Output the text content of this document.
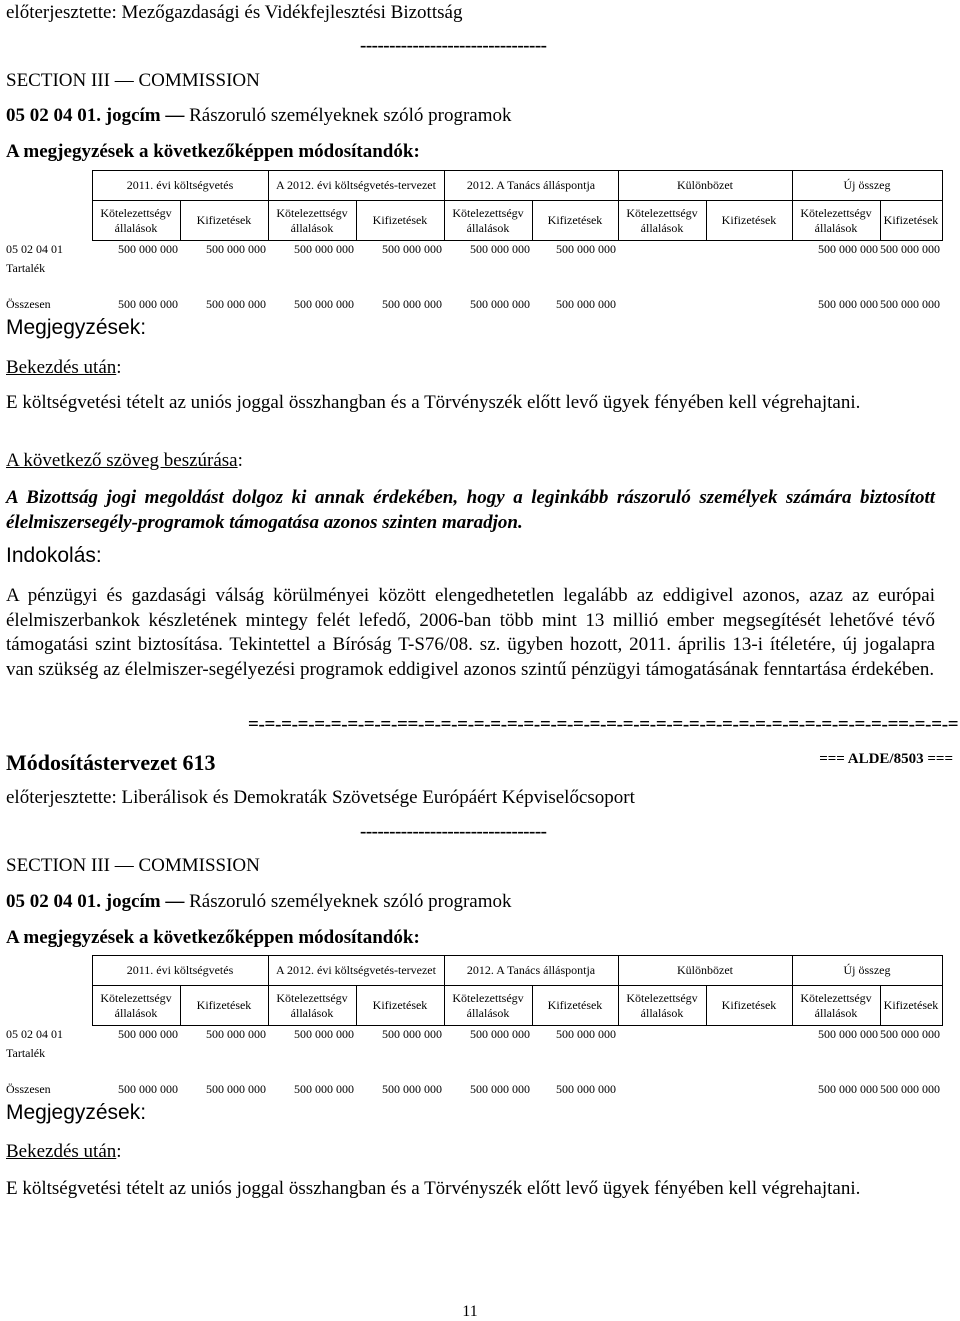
előterjesztette: Mezőgazdasági és Vidékfejlesztési Bizottság
--------------------------------
SECTION III — COMMISSION
05 02 04 01. jogcím — Rászoruló személyeknek szóló programok
A megjegyzések a következőképpen módosítandók:
	2011. évi költségvetés		A 2012. évi költségvetés-tervezet		2012. A Tanács álláspontja		Különbözet		Új összeg	
	Kötelezettségv állalások	Kifizetések	Kötelezettségv állalások	Kifizetések	Kötelezettségv állalások	Kifizetések	Kötelezettségv állalások	Kifizetések	Kötelezettségv állalások	Kifizetések
05 02 04 01	500 000 000	500 000 000	500 000 000	500 000 000	500 000 000	500 000 000			500 000 000	500 000 000
Tartalék										

Összesen	500 000 000	500 000 000	500 000 000	500 000 000	500 000 000	500 000 000			500 000 000	500 000 000
Megjegyzések:
Bekezdés után:
E költségvetési tételt az uniós joggal összhangban és a Törvényszék előtt levő ügyek fényében kell végrehajtani.
A következő szöveg beszúrása:
A Bizottság jogi megoldást dolgoz ki annak érdekében, hogy a leginkább rászoruló személyek számára biztosított élelmiszersegély-programok támogatása azonos szinten maradjon.
Indokolás:
A pénzügyi és gazdasági válság körülményei között elengedhetetlen legalább az eddigivel azonos, azaz az európai élelmiszerbankok készletének mintegy felét lefedő, 2006-ban több mint 13 millió ember megsegítését lehetővé tévő támogatási szint biztosítása. Tekintettel a Bíróság T-S76/08. sz. ügyben hozott, 2011. április 13-i ítéletére, új jogalapra van szükség az élelmiszer-segélyezési programok eddigivel azonos szintű pénzügyi támogatásának fenntartása érdekében.
=-=-=-=-=-=-=-=-=-==-=-=-=-=-=-=-=-=-=-=-=-=-=-=-=-=-=-=-=-=-=-=-=-=-=-=-=-=-==-=-=-=
Módosítástervezet 613	=== ALDE/8503 ===
előterjesztette: Liberálisok és Demokraták Szövetsége Európáért Képviselőcsoport
--------------------------------
SECTION III — COMMISSION
05 02 04 01. jogcím — Rászoruló személyeknek szóló programok
A megjegyzések a következőképpen módosítandók:
	2011. évi költségvetés		A 2012. évi költségvetés-tervezet		2012. A Tanács álláspontja		Különbözet		Új összeg	
	Kötelezettségv állalások	Kifizetések	Kötelezettségv állalások	Kifizetések	Kötelezettségv állalások	Kifizetések	Kötelezettségv állalások	Kifizetések	Kötelezettségv állalások	Kifizetések
05 02 04 01	500 000 000	500 000 000	500 000 000	500 000 000	500 000 000	500 000 000			500 000 000	500 000 000
Tartalék										

Összesen	500 000 000	500 000 000	500 000 000	500 000 000	500 000 000	500 000 000			500 000 000	500 000 000
Megjegyzések:
Bekezdés után:
E költségvetési tételt az uniós joggal összhangban és a Törvényszék előtt levő ügyek fényében kell végrehajtani.
11
